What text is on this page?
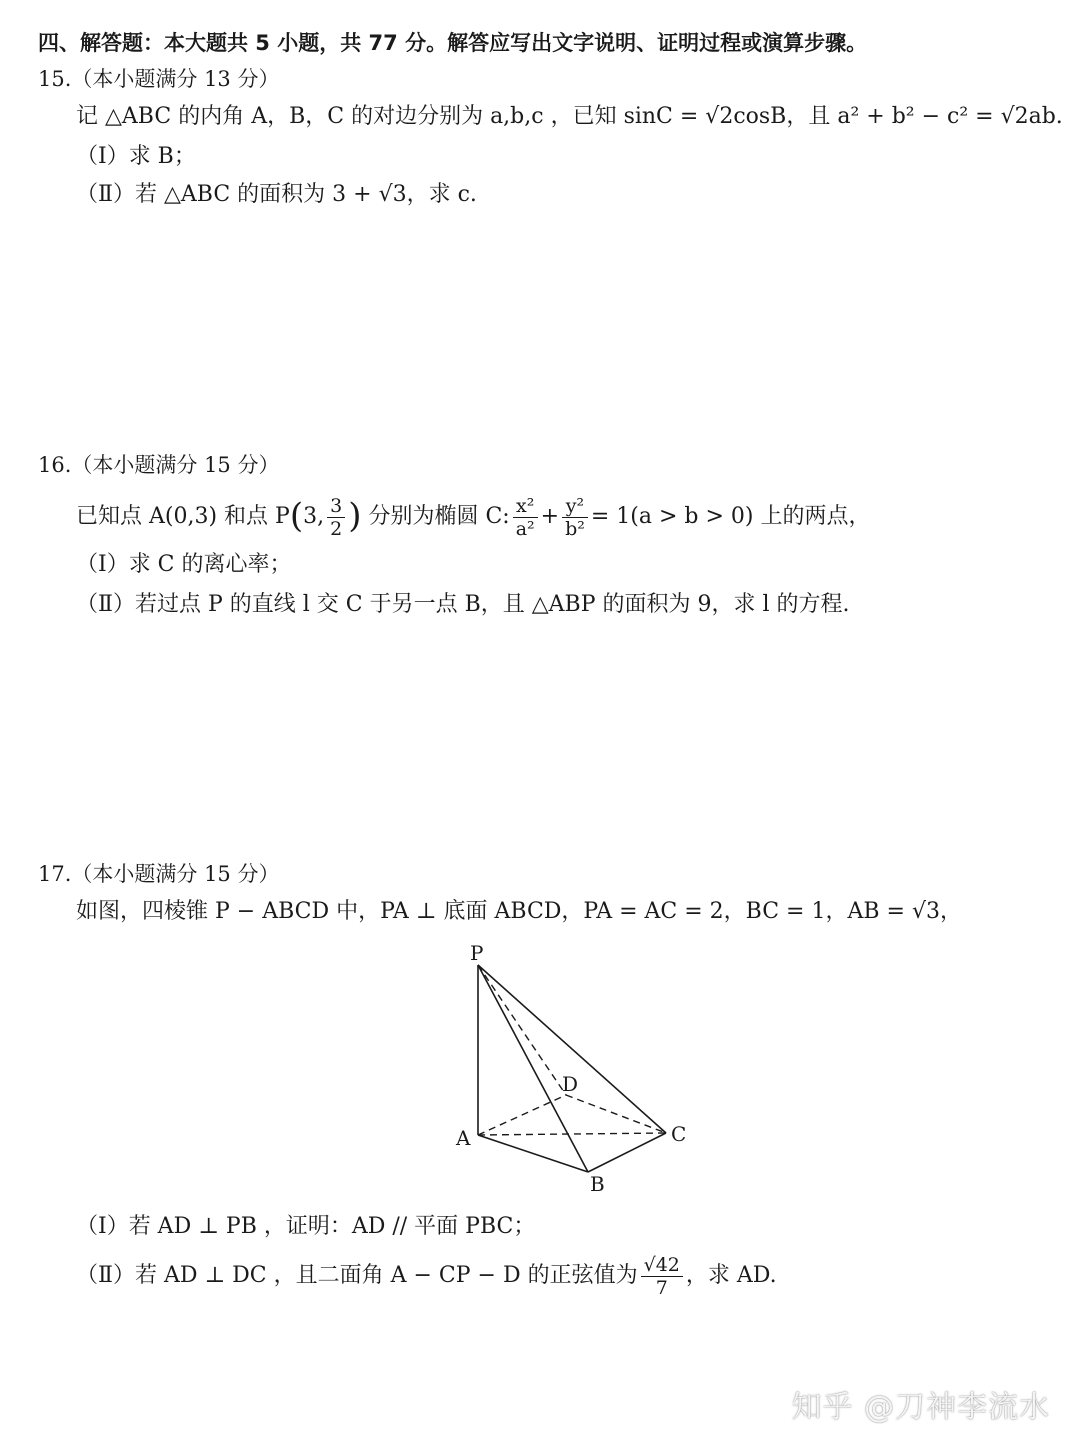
四、解答题：本大题共 5 小题，共 77 分。解答应写出文字说明、证明过程或演算步骤。
15.（本小题满分 13 分）
记 △ABC 的内角 A，B，C 的对边分别为 a,b,c ，已知 sinC = √2cosB，且 a² + b² − c² = √2ab.
（Ⅰ）求 B；
（Ⅱ）若 △ABC 的面积为 3 + √3，求 c.
16.（本小题满分 15 分）
已知点 A(0,3) 和点 P(3, $\frac{3}{2}$ ) 分别为椭圆 C: $\frac{\text{x²}}{\text{a²}} + \frac{\text{y²}}{\text{b²}} = 1(a > b > 0)$ 上的两点，
（Ⅰ）求 C 的离心率；
（Ⅱ）若过点 P 的直线 l 交 C 于另一点 B，且 △ABP 的面积为 9，求 l 的方程.
17.（本小题满分 15 分）
如图，四棱锥 P − ABCD 中，PA ⊥ 底面 ABCD，PA = AC = 2，BC = 1，AB = √3，
P
A
B
C
D
（Ⅰ）若 AD ⊥ PB ，证明：AD // 平面 PBC；
（Ⅱ）若 AD ⊥ DC ，且二面角 A − CP − D 的正弦值为 $\frac{√42}{7}$ ，求 AD.
知乎 @刀神李流水
